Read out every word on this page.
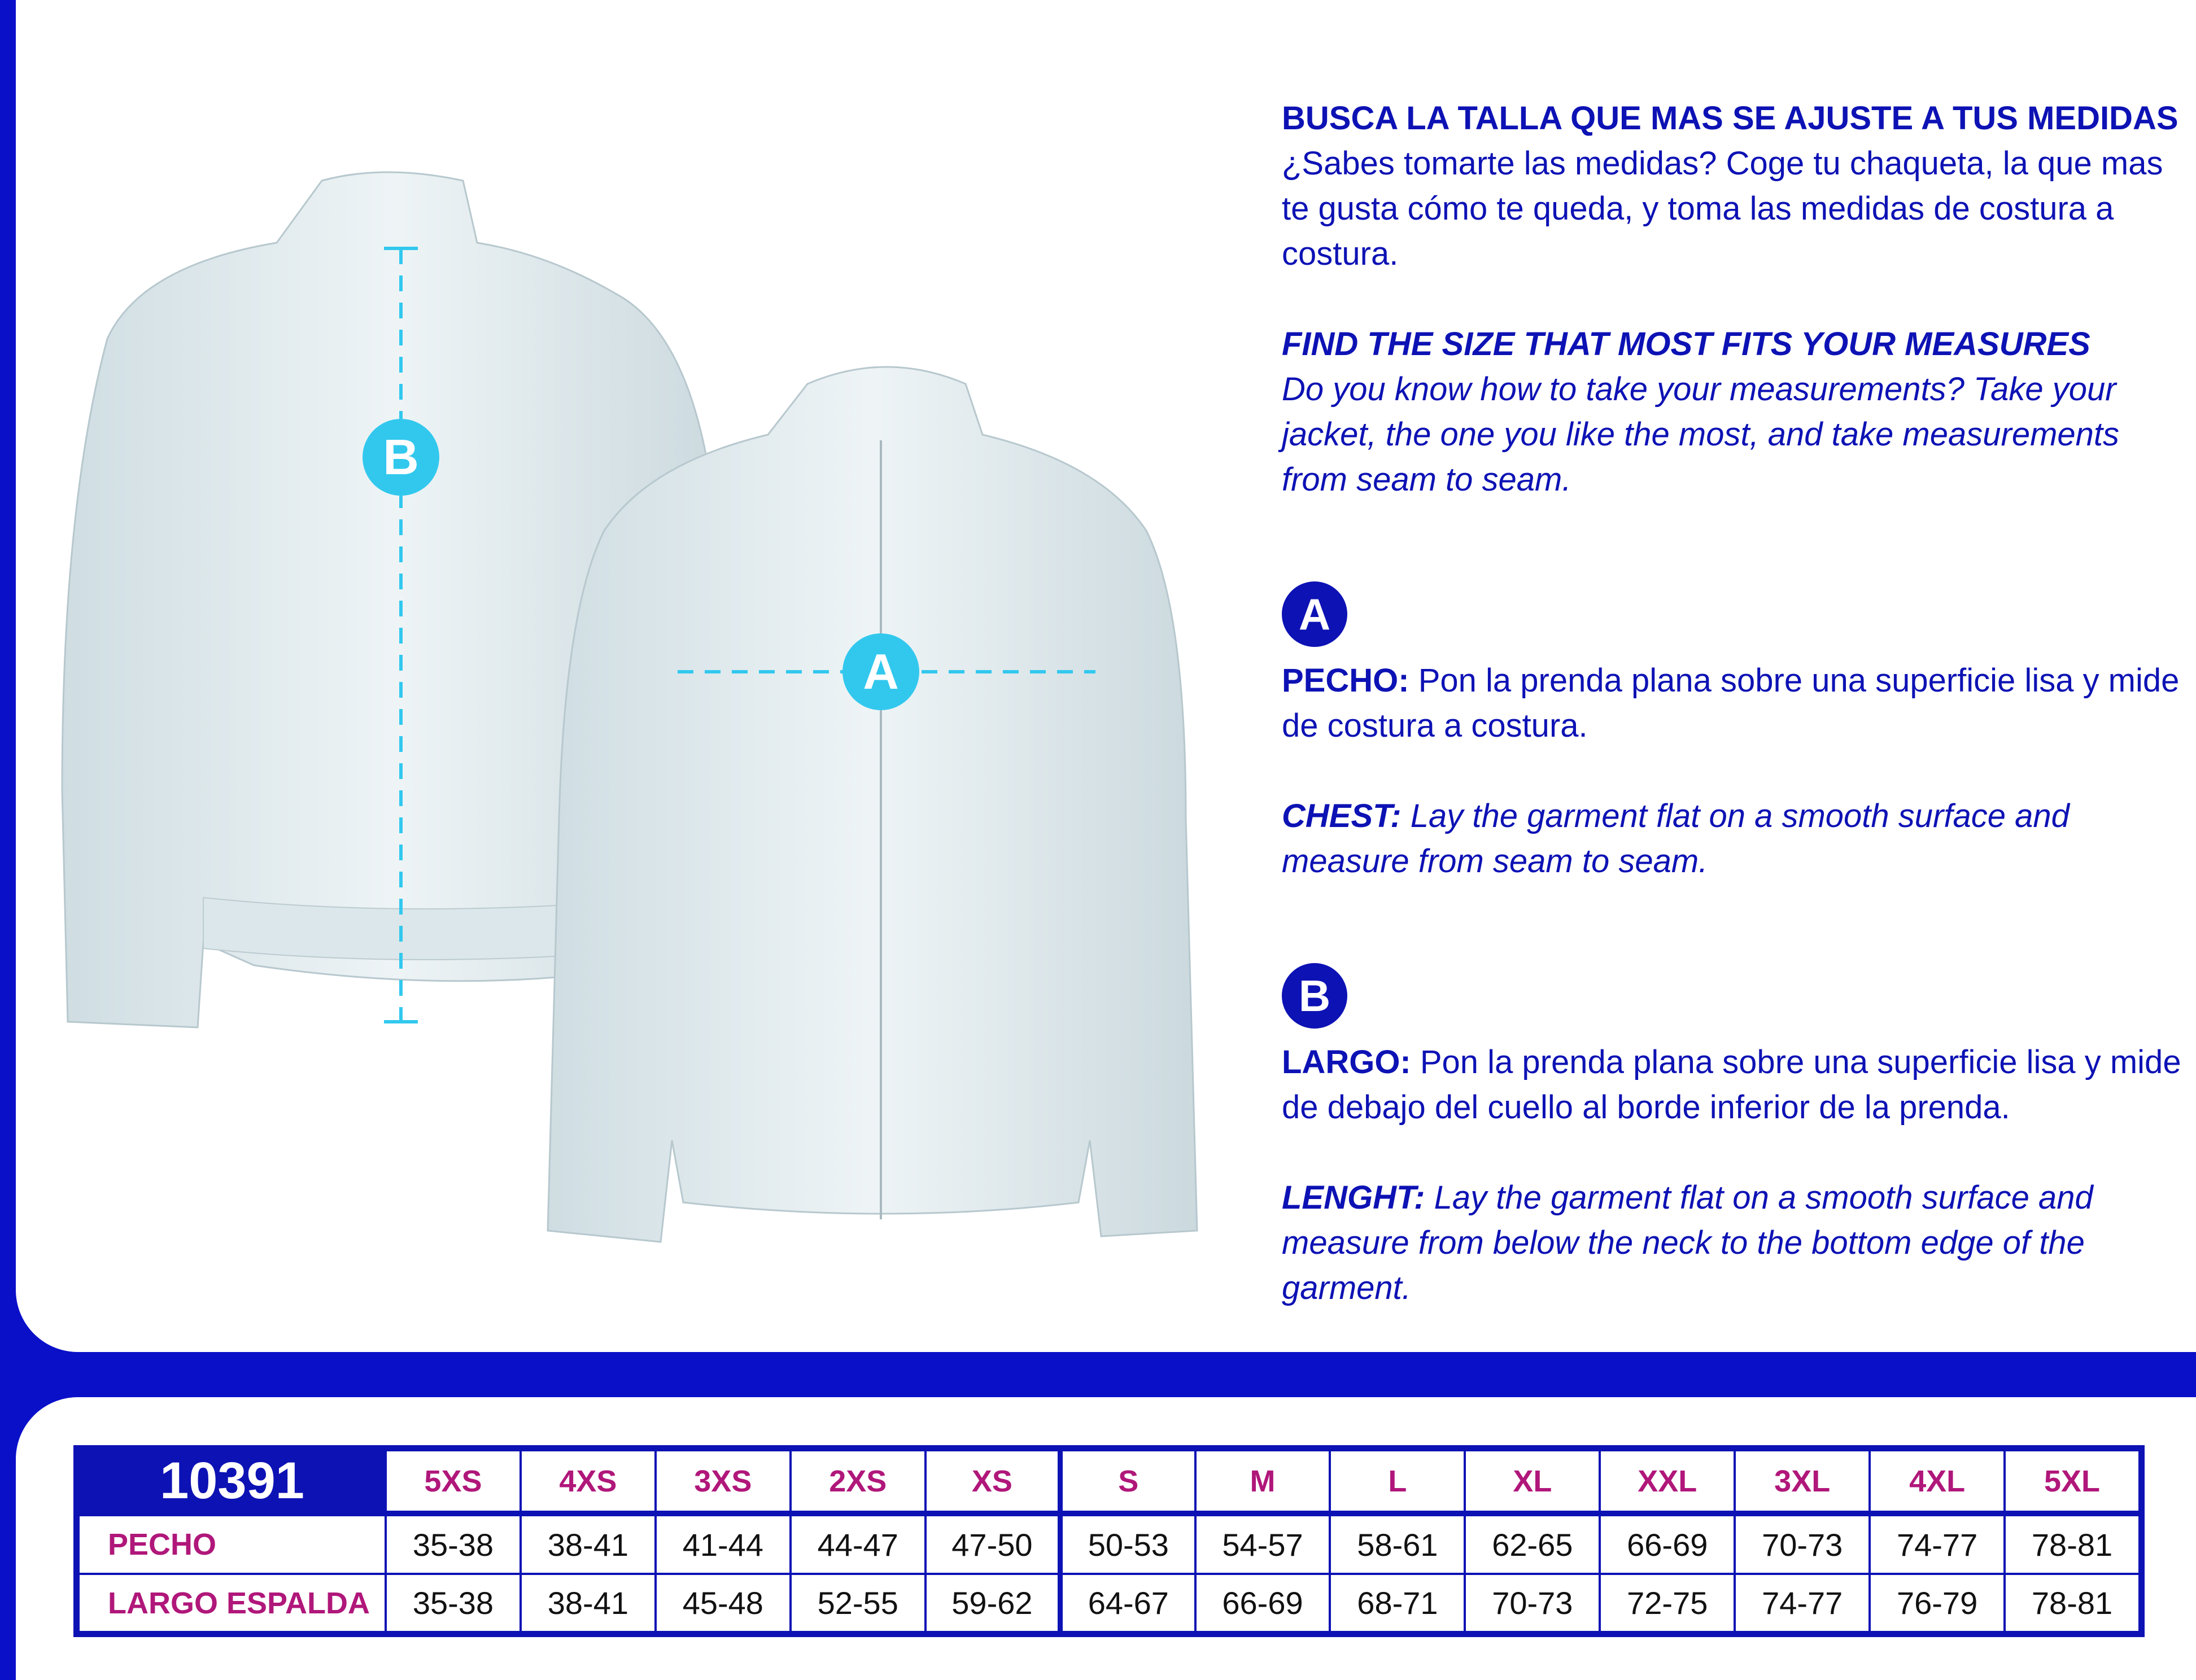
B
A

BUSCA LA TALLA QUE MAS SE AJUSTE A TUS MEDIDAS

¿Sabes tomarte las medidas? Coge tu chaqueta, la que mas te gusta cómo te queda, y toma las medidas de costura a costura.

FIND THE SIZE THAT MOST FITS YOUR MEASURES

Do you know how to take your measurements? Take your jacket, the one you like the most, and take measurements from seam to seam.

A

PECHO: Pon la prenda plana sobre una superficie lisa y mide de costura a costura.

CHEST: Lay the garment flat on a smooth surface and measure from seam to seam.

B

LARGO: Pon la prenda plana sobre una superficie lisa y mide de debajo del cuello al borde inferior de la prenda.

LENGHT: Lay the garment flat on a smooth surface and measure from below the neck to the bottom edge of the garment.

10391	5XS	4XS	3XS	2XS	XS	S	M	L	XL	XXL	3XL	4XL	5XL
PECHO	35-38	38-41	41-44	44-47	47-50	50-53	54-57	58-61	62-65	66-69	70-73	74-77	78-81
LARGO ESPALDA	35-38	38-41	45-48	52-55	59-62	64-67	66-69	68-71	70-73	72-75	74-77	76-79	78-81
